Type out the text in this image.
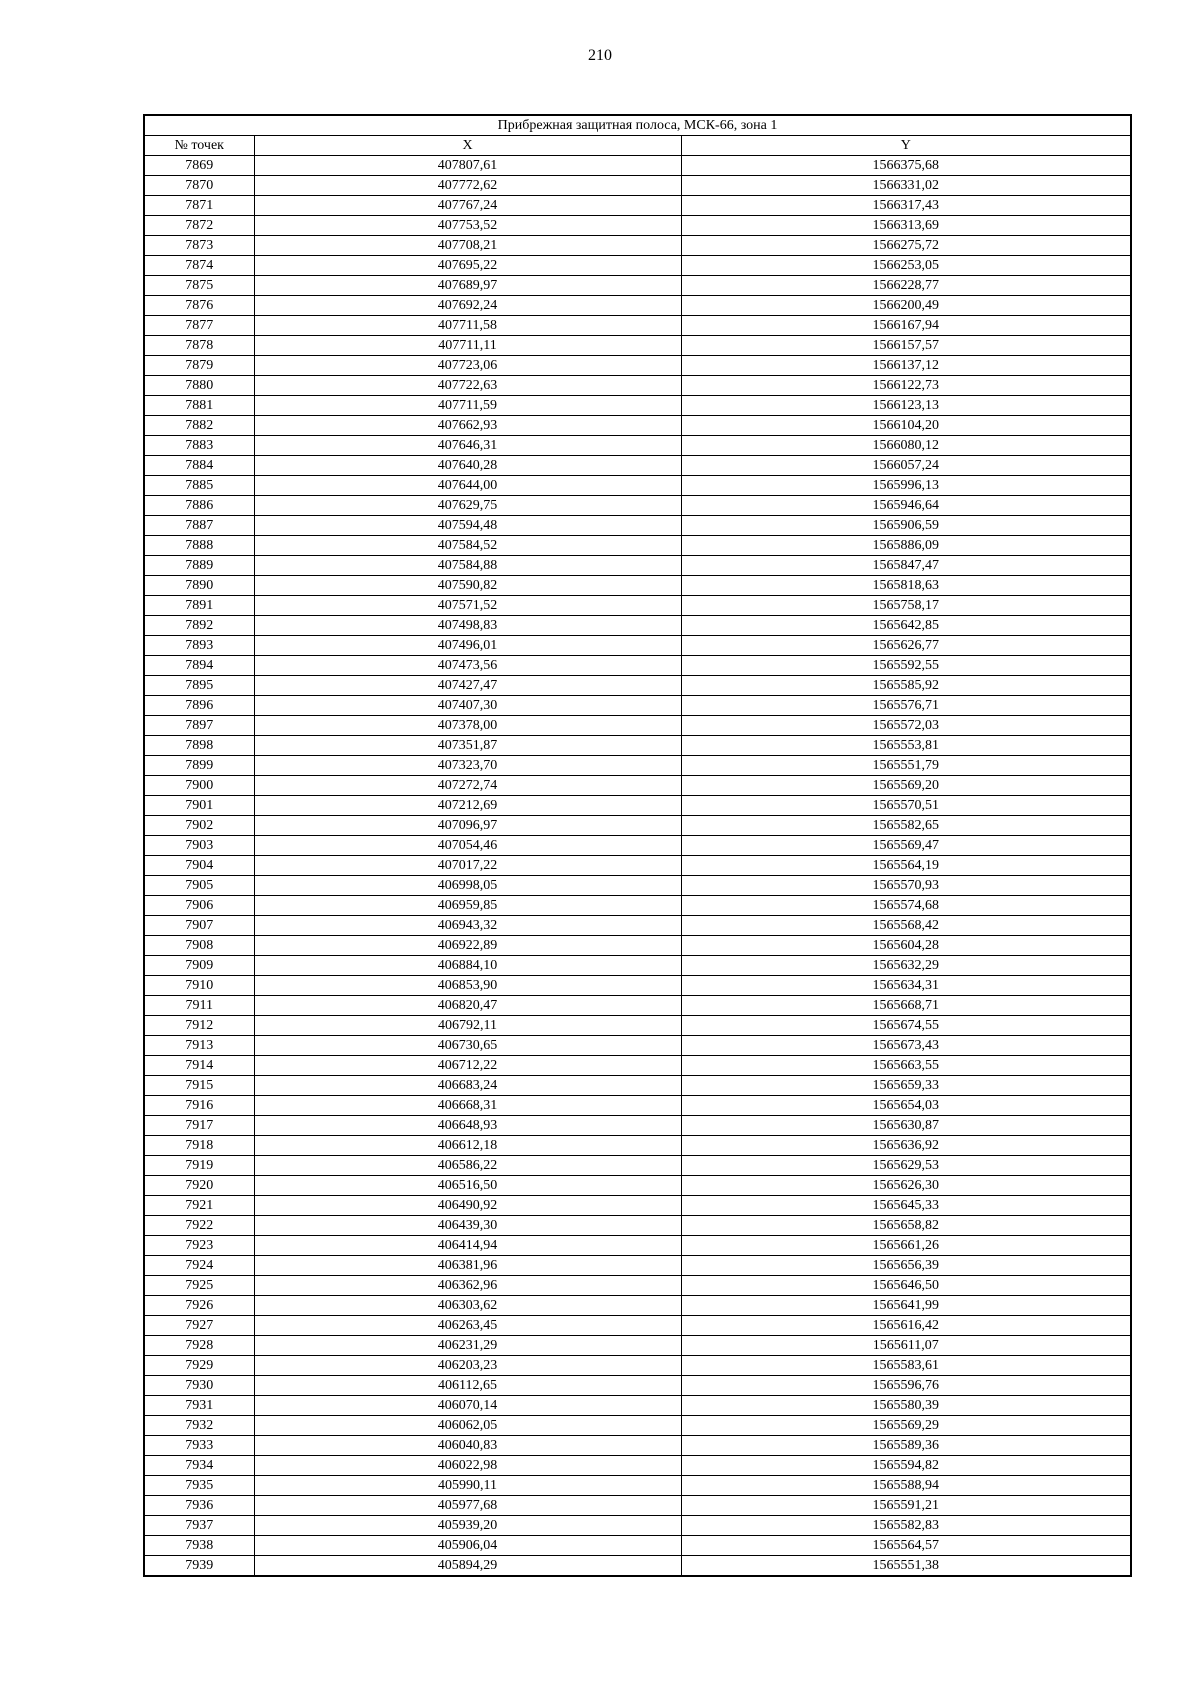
210
Прибрежная защитная полоса, МСК-66, зона 1		
№ точек	X	Y
7869	407807,61	1566375,68
7870	407772,62	1566331,02
7871	407767,24	1566317,43
7872	407753,52	1566313,69
7873	407708,21	1566275,72
7874	407695,22	1566253,05
7875	407689,97	1566228,77
7876	407692,24	1566200,49
7877	407711,58	1566167,94
7878	407711,11	1566157,57
7879	407723,06	1566137,12
7880	407722,63	1566122,73
7881	407711,59	1566123,13
7882	407662,93	1566104,20
7883	407646,31	1566080,12
7884	407640,28	1566057,24
7885	407644,00	1565996,13
7886	407629,75	1565946,64
7887	407594,48	1565906,59
7888	407584,52	1565886,09
7889	407584,88	1565847,47
7890	407590,82	1565818,63
7891	407571,52	1565758,17
7892	407498,83	1565642,85
7893	407496,01	1565626,77
7894	407473,56	1565592,55
7895	407427,47	1565585,92
7896	407407,30	1565576,71
7897	407378,00	1565572,03
7898	407351,87	1565553,81
7899	407323,70	1565551,79
7900	407272,74	1565569,20
7901	407212,69	1565570,51
7902	407096,97	1565582,65
7903	407054,46	1565569,47
7904	407017,22	1565564,19
7905	406998,05	1565570,93
7906	406959,85	1565574,68
7907	406943,32	1565568,42
7908	406922,89	1565604,28
7909	406884,10	1565632,29
7910	406853,90	1565634,31
7911	406820,47	1565668,71
7912	406792,11	1565674,55
7913	406730,65	1565673,43
7914	406712,22	1565663,55
7915	406683,24	1565659,33
7916	406668,31	1565654,03
7917	406648,93	1565630,87
7918	406612,18	1565636,92
7919	406586,22	1565629,53
7920	406516,50	1565626,30
7921	406490,92	1565645,33
7922	406439,30	1565658,82
7923	406414,94	1565661,26
7924	406381,96	1565656,39
7925	406362,96	1565646,50
7926	406303,62	1565641,99
7927	406263,45	1565616,42
7928	406231,29	1565611,07
7929	406203,23	1565583,61
7930	406112,65	1565596,76
7931	406070,14	1565580,39
7932	406062,05	1565569,29
7933	406040,83	1565589,36
7934	406022,98	1565594,82
7935	405990,11	1565588,94
7936	405977,68	1565591,21
7937	405939,20	1565582,83
7938	405906,04	1565564,57
7939	405894,29	1565551,38
